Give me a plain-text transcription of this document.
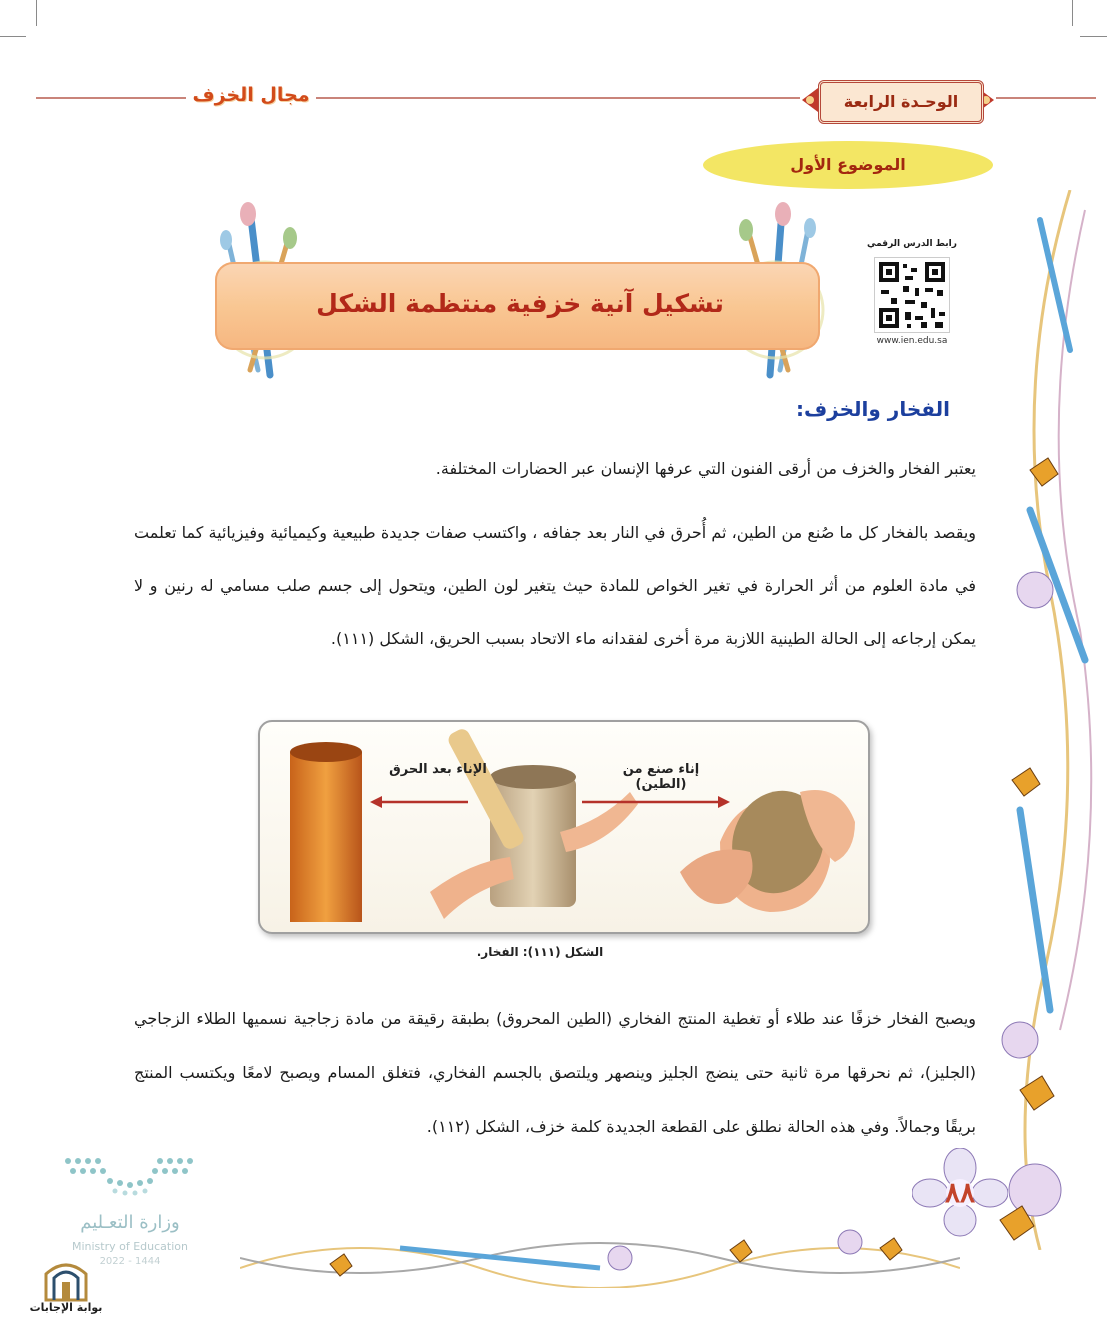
مجال الخزف	الوحـدة الرابعة
الموضوع الأول
تشكيل آنية خزفية منتظمة الشكل
رابط الدرس الرقمي
www.ien.edu.sa
الفخار والخزف:
يعتبر الفخار والخزف من أرقى الفنون التي عرفها الإنسان عبر الحضارات المختلفة.
ويقصد بالفخار كل ما صُنع من الطين، ثم أُحرق في النار بعد جفافه ، واكتسب صفات جديدة طبيعية وكيميائية وفيزيائية كما تعلمت في مادة العلوم من أثر الحرارة في تغير الخواص للمادة حيث يتغير لون الطين، ويتحول إلى جسم صلب مسامي له رنين و لا يمكن إرجاعه إلى الحالة الطينية اللازبة مرة أخرى لفقدانه ماء الاتحاد بسبب الحريق، الشكل (١١١).
الإناء بعد الحرق	إناء صنع من (الطين)
الشكل (١١١): الفخار.
ويصبح الفخار خزفًا عند طلاء أو تغطية المنتج الفخاري (الطين المحروق) بطبقة رقيقة من مادة زجاجية نسميها الطلاء الزجاجي (الجليز)، ثم نحرقها مرة ثانية حتى ينضج الجليز وينصهر ويلتصق بالجسم الفخاري، فتغلق المسام ويصبح لامعًا ويكتسب المنتج بريقًا وجمالاً. وفي هذه الحالة نطلق على القطعة الجديدة كلمة خزف، الشكل (١١٢).
٨٨
وزارة التعـليم
Ministry of Education
2022 - 1444
بوابة الإجابات
